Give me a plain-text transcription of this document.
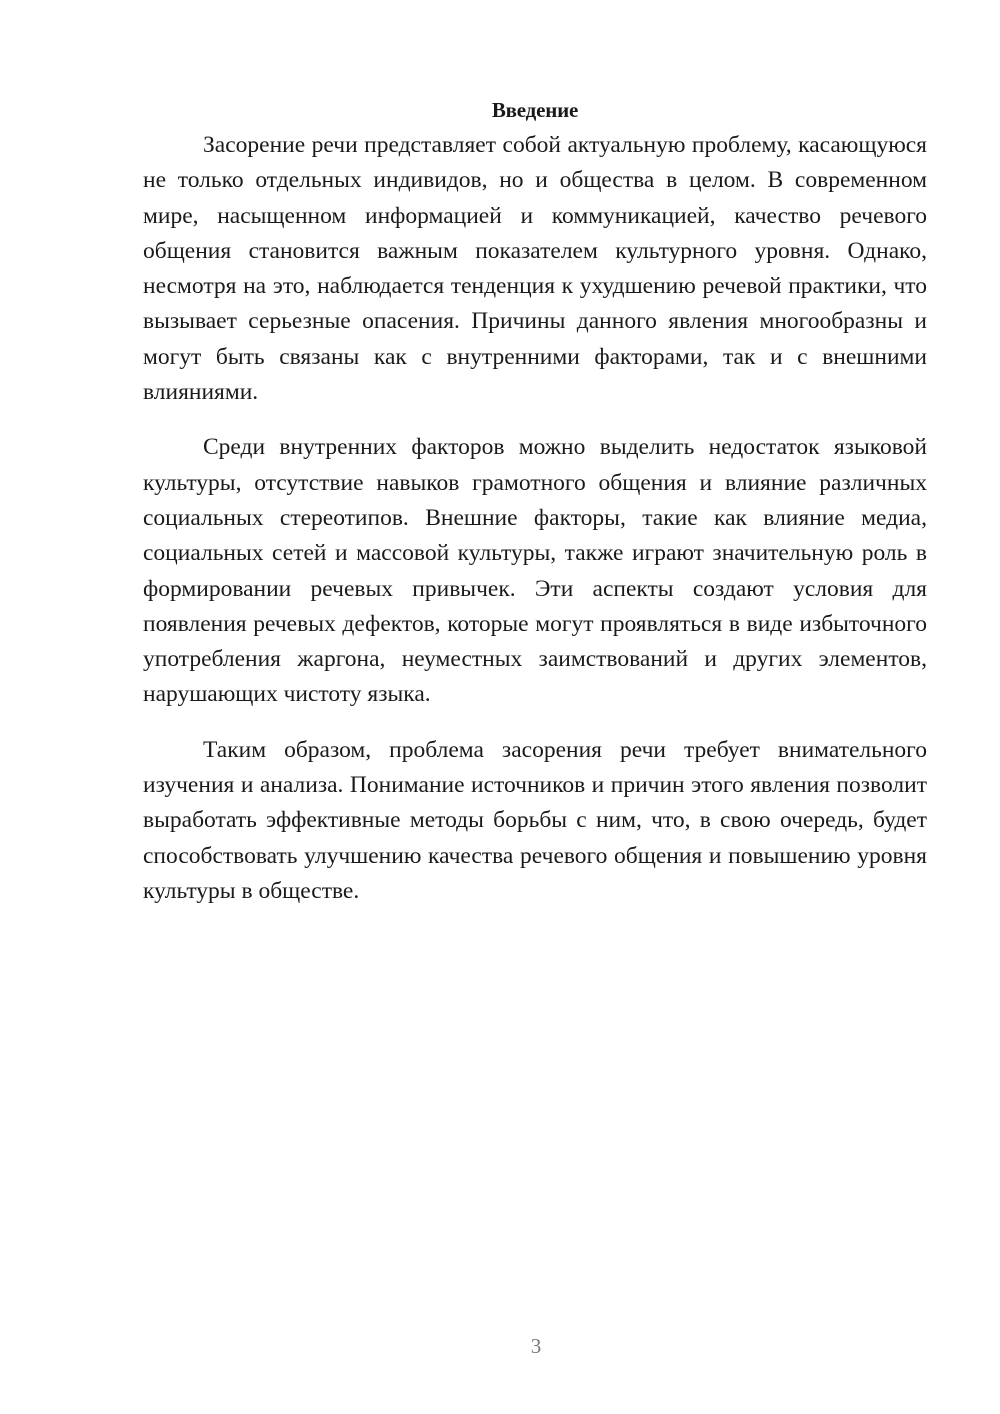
Введение

Засорение речи представляет собой актуальную проблему, касающуюся не только отдельных индивидов, но и общества в целом. В современном мире, насыщенном информацией и коммуникацией, качество речевого общения становится важным показателем культурного уровня. Однако, несмотря на это, наблюдается тенденция к ухудшению речевой практики, что вызывает серьезные опасения. Причины данного явления многообразны и могут быть связаны как с внутренними факторами, так и с внешними влияниями.

Среди внутренних факторов можно выделить недостаток языковой культуры, отсутствие навыков грамотного общения и влияние различных социальных стереотипов. Внешние факторы, такие как влияние медиа, социальных сетей и массовой культуры, также играют значительную роль в формировании речевых привычек. Эти аспекты создают условия для появления речевых дефектов, которые могут проявляться в виде избыточного употребления жаргона, неуместных заимствований и других элементов, нарушающих чистоту языка.

Таким образом, проблема засорения речи требует внимательного изучения и анализа. Понимание источников и причин этого явления позволит выработать эффективные методы борьбы с ним, что, в свою очередь, будет способствовать улучшению качества речевого общения и повышению уровня культуры в обществе.

3
